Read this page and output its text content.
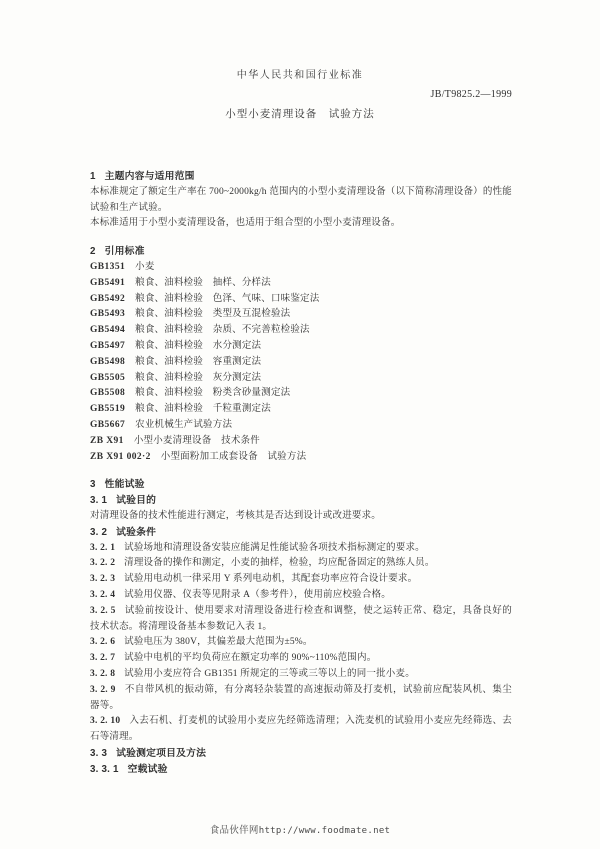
中华人民共和国行业标准
JB/T9825.2—1999
小型小麦清理设备　试验方法
1 主题内容与适用范围
本标准规定了额定生产率在 700~2000kg/h 范围内的小型小麦清理设备（以下简称清理设备）的性能试验和生产试验。
本标准适用于小型小麦清理设备，也适用于组合型的小型小麦清理设备。
2 引用标准
GB1351 小麦
GB5491 粮食、油料检验　抽样、分样法
GB5492 粮食、油料检验　色泽、气味、口味鉴定法
GB5493 粮食、油料检验　类型及互混检验法
GB5494 粮食、油料检验　杂质、不完善粒检验法
GB5497 粮食、油料检验　水分测定法
GB5498 粮食、油料检验　容重测定法
GB5505 粮食、油料检验　灰分测定法
GB5508 粮食、油料检验　粉类含砂量测定法
GB5519 粮食、油料检验　千粒重测定法
GB5667 农业机械生产试验方法
ZB X91 小型小麦清理设备　技术条件
ZB X91 002·2 小型面粉加工成套设备　试验方法
3 性能试验
3. 1 试验目的
对清理设备的技术性能进行测定，考核其是否达到设计或改进要求。
3. 2 试验条件
3. 2. 1 试验场地和清理设备安装应能满足性能试验各项技术指标测定的要求。
3. 2. 2 清理设备的操作和测定，小麦的抽样，检验，均应配备固定的熟练人员。
3. 2. 3 试验用电动机一律采用 Y 系列电动机，其配套功率应符合设计要求。
3. 2. 4 试验用仪器、仪表等见附录 A（参考件），使用前应校验合格。
3. 2. 5 试验前按设计、使用要求对清理设备进行检查和调整，使之运转正常、稳定，具备良好的技术状态。将清理设备基本参数记入表 1。
3. 2. 6 试验电压为 380V，其偏差最大范围为±5%。
3. 2. 7 试验中电机的平均负荷应在额定功率的 90%~110%范围内。
3. 2. 8 试验用小麦应符合 GB1351 所规定的三等或三等以上的同一批小麦。
3. 2. 9 不自带风机的振动筛，有分离轻杂装置的高速振动筛及打麦机，试验前应配装风机、集尘器等。
3. 2. 10 入去石机、打麦机的试验用小麦应先经筛选清理；入洗麦机的试验用小麦应先经筛选、去石等清理。
3. 3 试验测定项目及方法
3. 3. 1 空载试验
食品伙伴网http://www.foodmate.net
